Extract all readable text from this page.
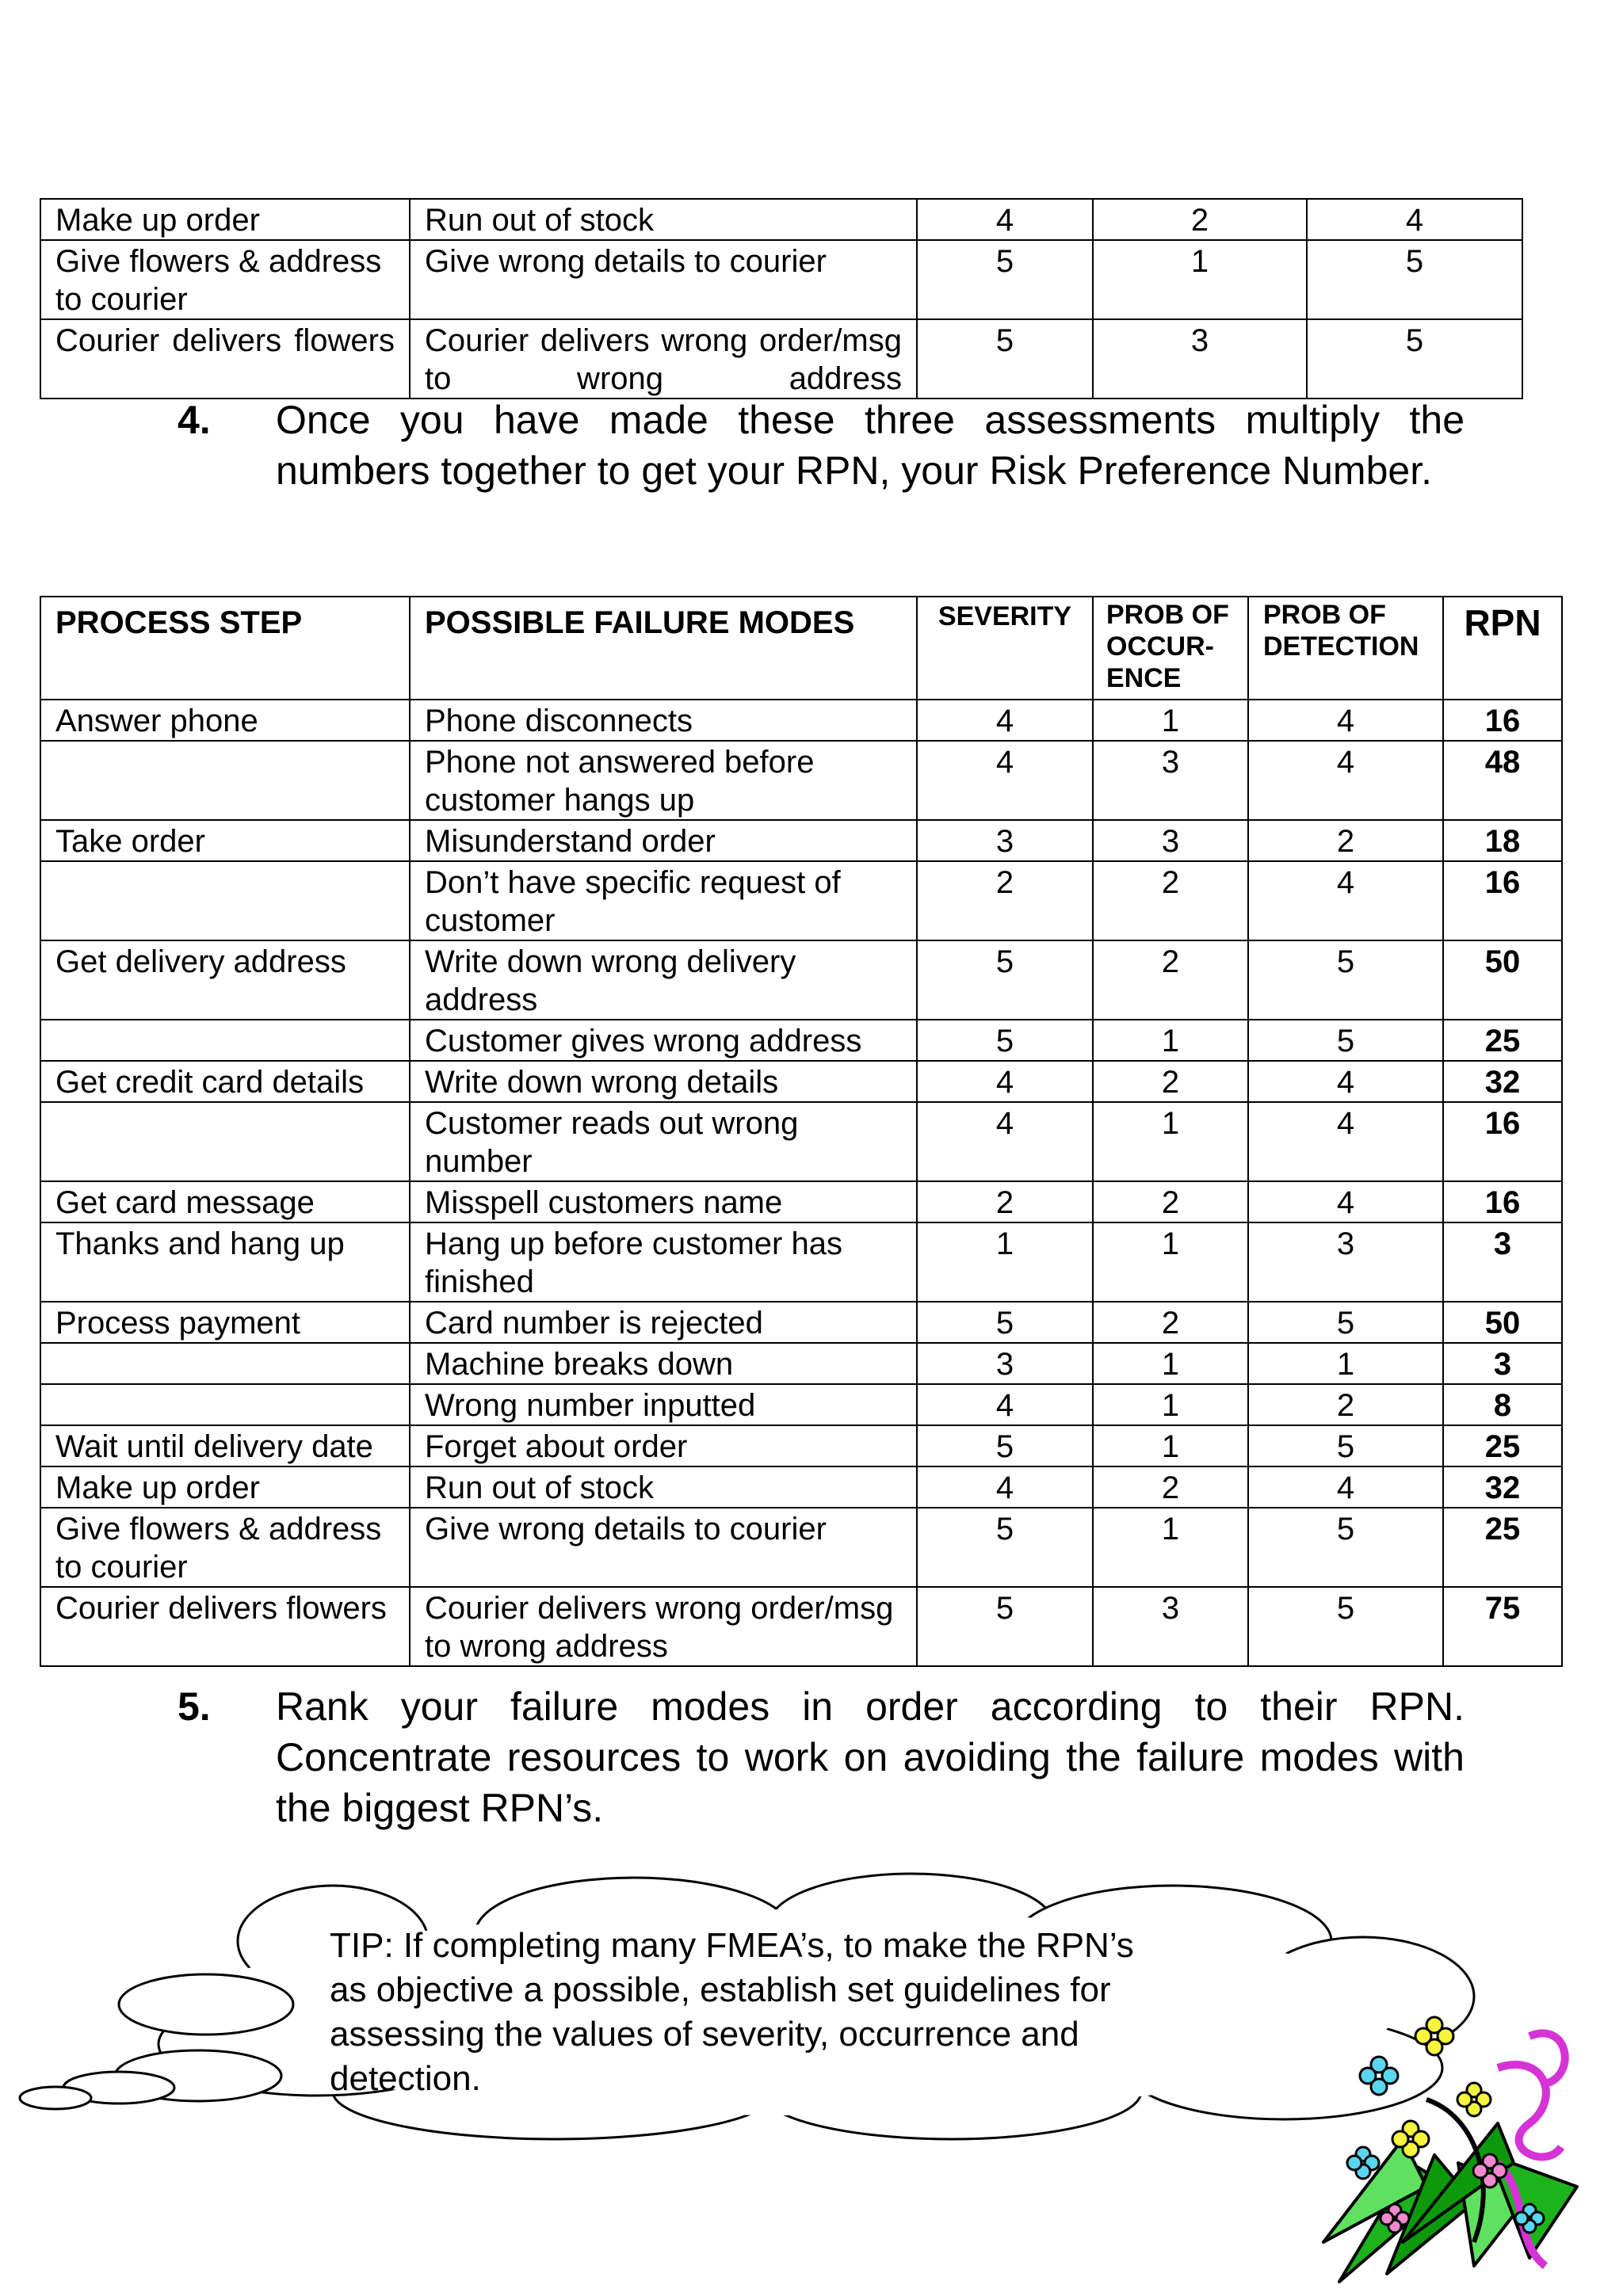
Make up order	Run out of stock	4	2	4
Give flowers & address to courier	Give wrong details to courier	5	1	5
Courier delivers flowers	Courier delivers wrong order/msg to wrong address	5	3	5
4. Once you have made these three assessments multiply the numbers together to get your RPN, your Risk Preference Number.
PROCESS STEP	POSSIBLE FAILURE MODES	SEVERITY	PROB OF OCCUR-ENCE	PROB OF DETECTION	RPN
Answer phone	Phone disconnects	4	1	4	16
	Phone not answered before customer hangs up	4	3	4	48
Take order	Misunderstand order	3	3	2	18
	Don’t have specific request of customer	2	2	4	16
Get delivery address	Write down wrong delivery address	5	2	5	50
	Customer gives wrong address	5	1	5	25
Get credit card details	Write down wrong details	4	2	4	32
	Customer reads out wrong number	4	1	4	16
Get card message	Misspell customers name	2	2	4	16
Thanks and hang up	Hang up before customer has finished	1	1	3	3
Process payment	Card number is rejected	5	2	5	50
	Machine breaks down	3	1	1	3
	Wrong number inputted	4	1	2	8
Wait until delivery date	Forget about order	5	1	5	25
Make up order	Run out of stock	4	2	4	32
Give flowers & address to courier	Give wrong details to courier	5	1	5	25
Courier delivers flowers	Courier delivers wrong order/msg to wrong address	5	3	5	75
5. Rank your failure modes in order according to their RPN. Concentrate resources to work on avoiding the failure modes with the biggest RPN’s.
TIP: If completing many FMEA’s, to make the RPN’s as objective a possible, establish set guidelines for assessing the values of severity, occurrence and detection.
